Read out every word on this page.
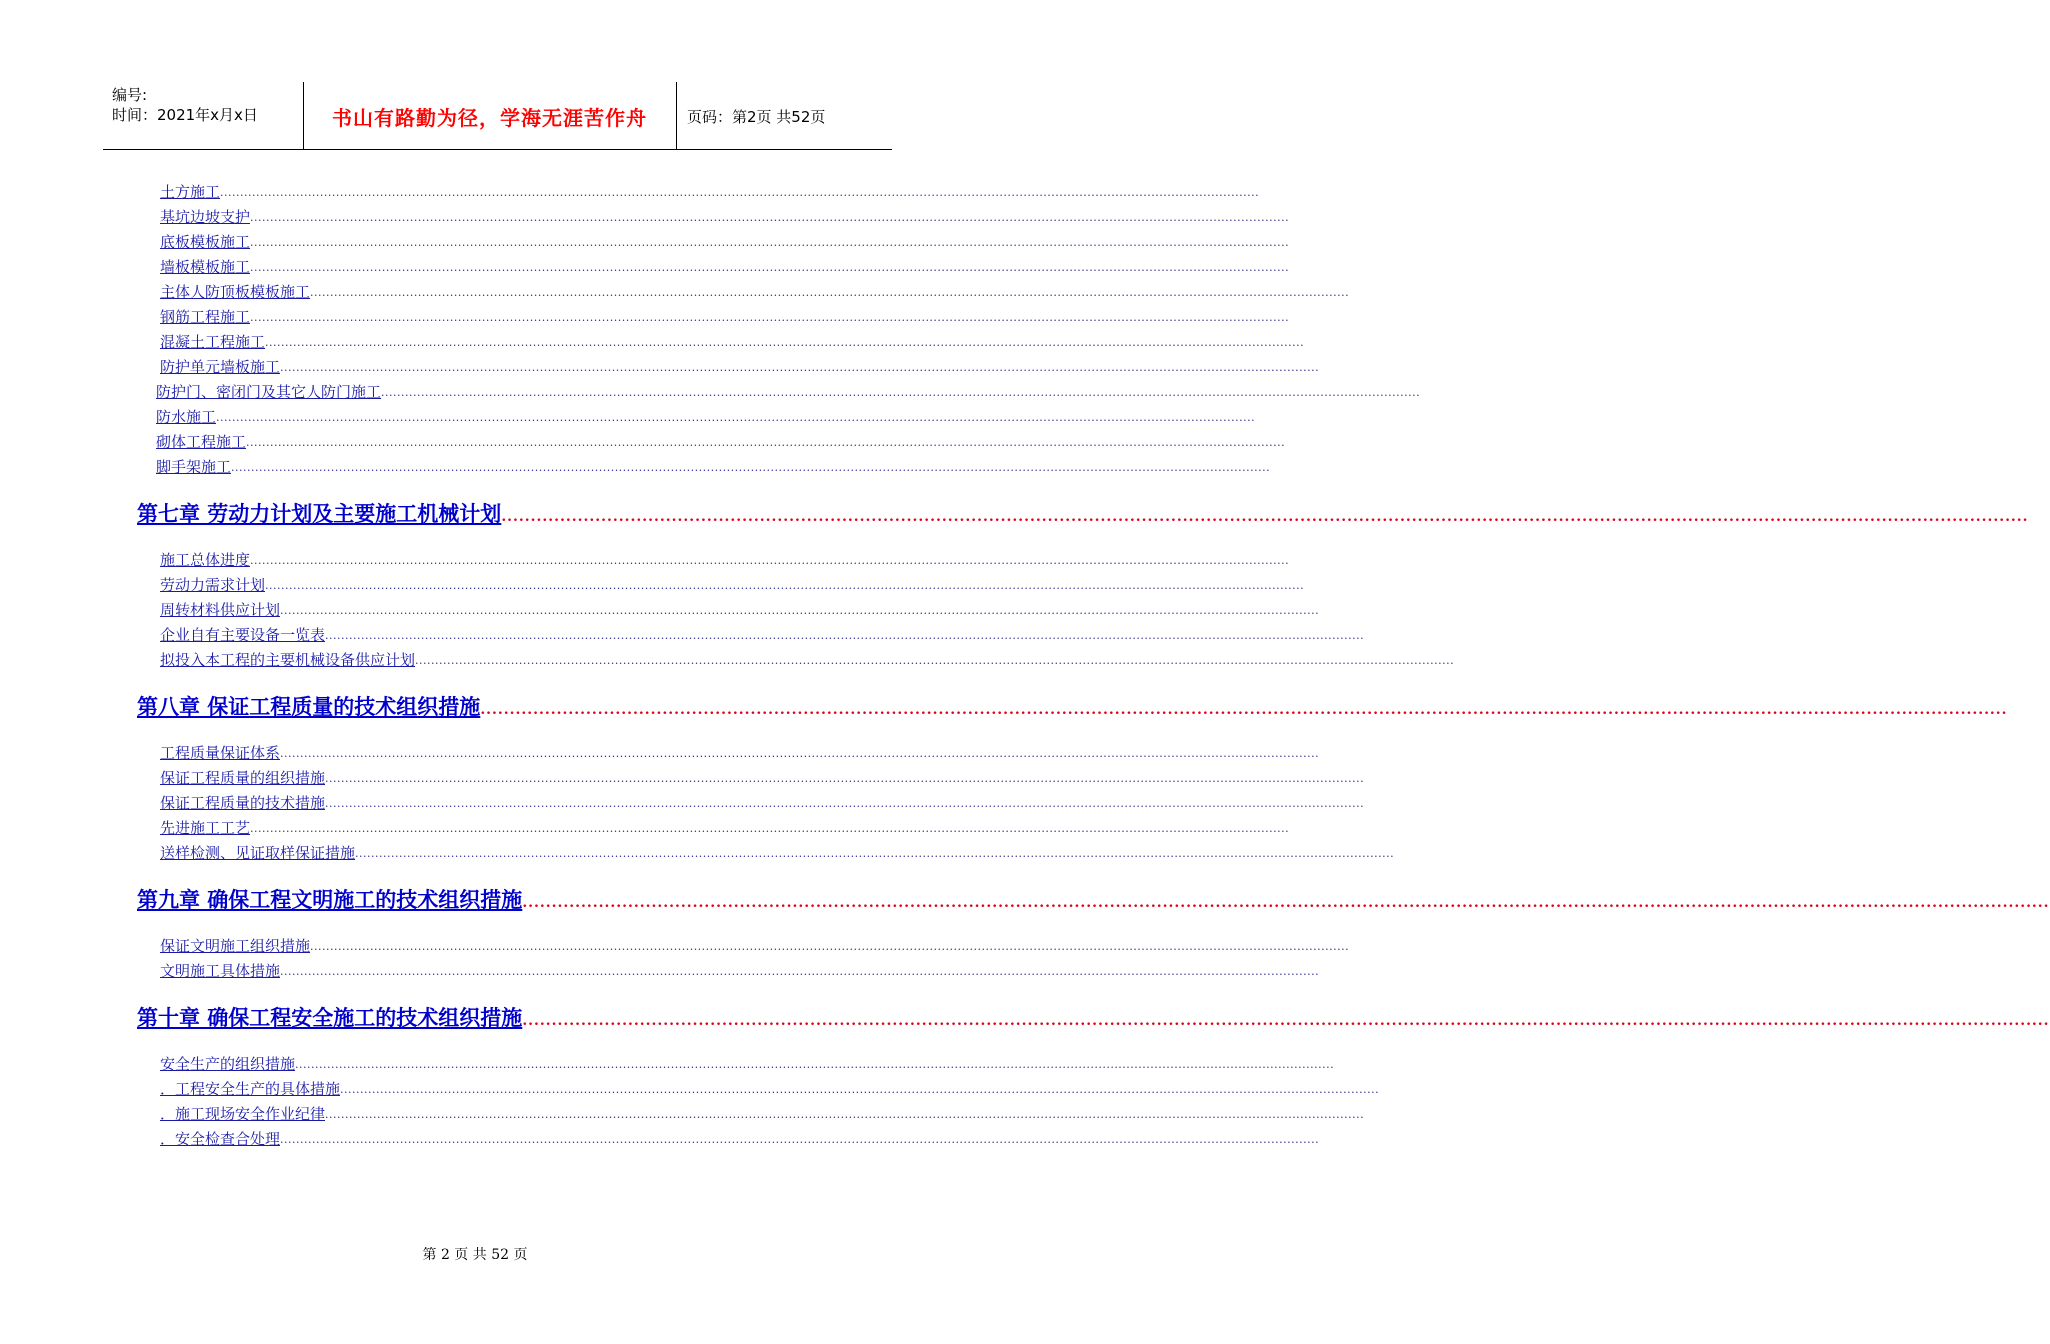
编号:
时间：2021年x月x日	书山有路勤为径，学海无涯苦作舟	页码：第2页 共52页
土方施工 ....................................................................................................................................................................................................................................................................
基坑边坡支护 ....................................................................................................................................................................................................................................................................
底板模板施工 ....................................................................................................................................................................................................................................................................
墙板模板施工 ....................................................................................................................................................................................................................................................................
主体人防顶板模板施工 ....................................................................................................................................................................................................................................................................
钢筋工程施工 ....................................................................................................................................................................................................................................................................
混凝土工程施工 ....................................................................................................................................................................................................................................................................
防护单元墙板施工 ....................................................................................................................................................................................................................................................................
防护门、密闭门及其它人防门施工 ....................................................................................................................................................................................................................................................................
防水施工 ....................................................................................................................................................................................................................................................................
砌体工程施工 ....................................................................................................................................................................................................................................................................
脚手架施工 ....................................................................................................................................................................................................................................................................
第七章 劳动力计划及主要施工机械计划 ....................................................................................................................................................................................................................................................................
施工总体进度 ....................................................................................................................................................................................................................................................................
劳动力需求计划 ....................................................................................................................................................................................................................................................................
周转材料供应计划 ....................................................................................................................................................................................................................................................................
企业自有主要设备一览表 ....................................................................................................................................................................................................................................................................
拟投入本工程的主要机械设备供应计划 ....................................................................................................................................................................................................................................................................
第八章 保证工程质量的技术组织措施 ....................................................................................................................................................................................................................................................................
工程质量保证体系 ....................................................................................................................................................................................................................................................................
保证工程质量的组织措施 ....................................................................................................................................................................................................................................................................
保证工程质量的技术措施 ....................................................................................................................................................................................................................................................................
先进施工工艺 ....................................................................................................................................................................................................................................................................
送样检测、见证取样保证措施 ....................................................................................................................................................................................................................................................................
第九章 确保工程文明施工的技术组织措施 ....................................................................................................................................................................................................................................................................
保证文明施工组织措施 ....................................................................................................................................................................................................................................................................
文明施工具体措施 ....................................................................................................................................................................................................................................................................
第十章 确保工程安全施工的技术组织措施 ....................................................................................................................................................................................................................................................................
安全生产的组织措施 ....................................................................................................................................................................................................................................................................
．工程安全生产的具体措施 ....................................................................................................................................................................................................................................................................
．施工现场安全作业纪律 ....................................................................................................................................................................................................................................................................
．安全检查合处理 ....................................................................................................................................................................................................................................................................
第 2 页 共 52 页
